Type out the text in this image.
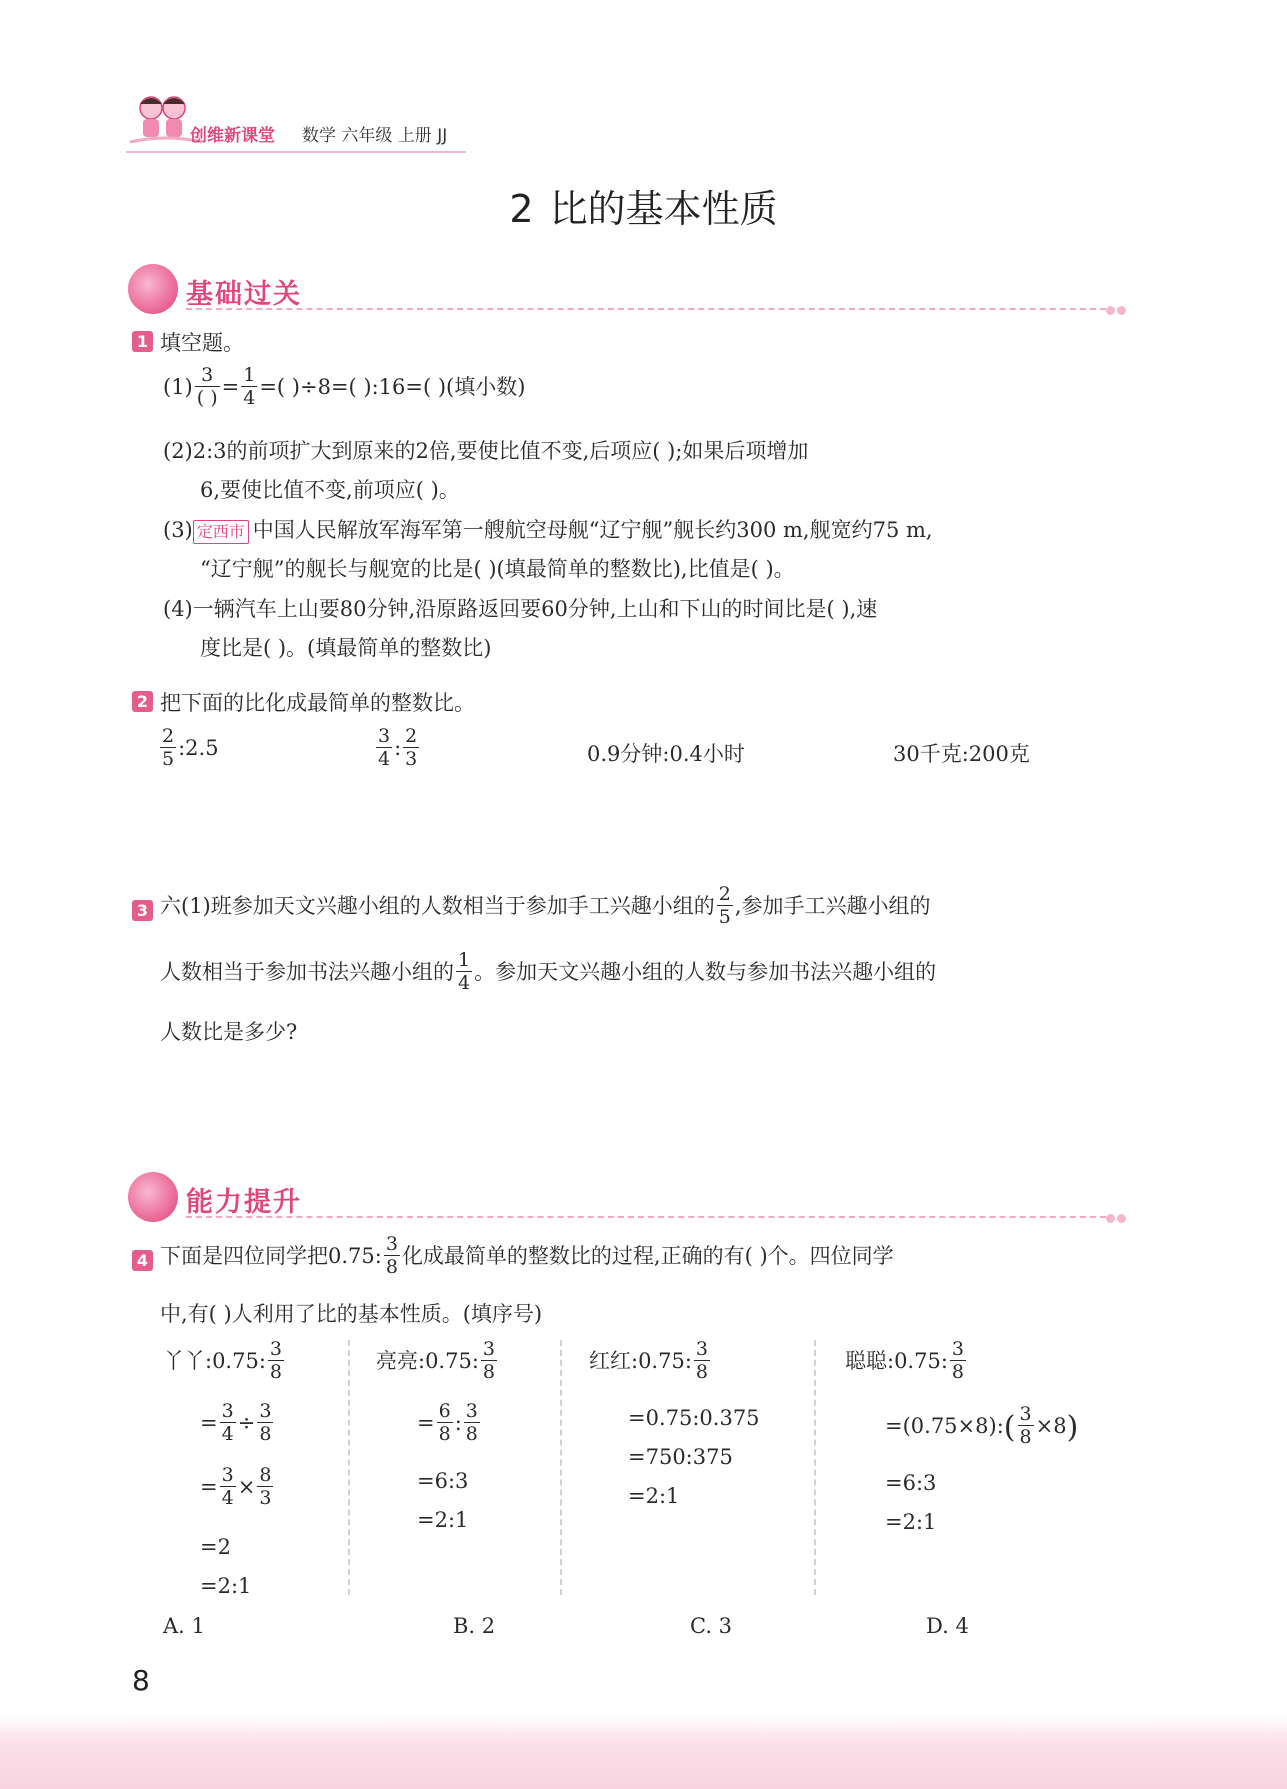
创维新课堂 数学 六年级 上册 JJ
2 比的基本性质
基础过关
1 填空题。
$(1) \frac{3}{( )} = \frac{1}{4}$ =( )÷8=( ):16=( )(填小数)
(2)2:3的前项扩大到原来的2倍,要使比值不变,后项应( );如果后项增加
6,要使比值不变,前项应( )。
(3) 定西市 中国人民解放军海军第一艘航空母舰“辽宁舰”舰长约300 m,舰宽约75 m,
“辽宁舰”的舰长与舰宽的比是( )(填最简单的整数比),比值是( )。
(4)一辆汽车上山要80分钟,沿原路返回要60分钟,上山和下山的时间比是( ),速
度比是( )。(填最简单的整数比)
2 把下面的比化成最简单的整数比。
$\frac{2}{5}$ :2.5	$\frac{3}{4}$ : $\frac{2}{3}$	0.9分钟:0.4小时	30千克:200克
3 六(1)班参加天文兴趣小组的人数相当于参加手工兴趣小组的 $\frac{2}{5}$ ,参加手工兴趣小组的
人数相当于参加书法兴趣小组的 $\frac{1}{4}$ 。参加天文兴趣小组的人数与参加书法兴趣小组的
人数比是多少?
能力提升
4 下面是四位同学把0.75: $\frac{3}{8}$ 化成最简单的整数比的过程,正确的有( )个。四位同学
中,有( )人利用了比的基本性质。(填序号)
丫丫:0.75: $\frac{3}{8}$
= $\frac{3}{4} \div \frac{3}{8}$
= $\frac{3}{4} \times \frac{8}{3}$
=2
=2:1
亮亮:0.75: $\frac{3}{8}$
= $\frac{6}{8}$ : $\frac{3}{8}$
=6:3
=2:1
红红:0.75: $\frac{3}{8}$
=0.75:0.375
=750:375
=2:1
聪聪:0.75: $\frac{3}{8}$
=(0.75×8):( $\frac{3}{8} \times 8$)
=6:3
=2:1
A. 1	B. 2	C. 3	D. 4
8
